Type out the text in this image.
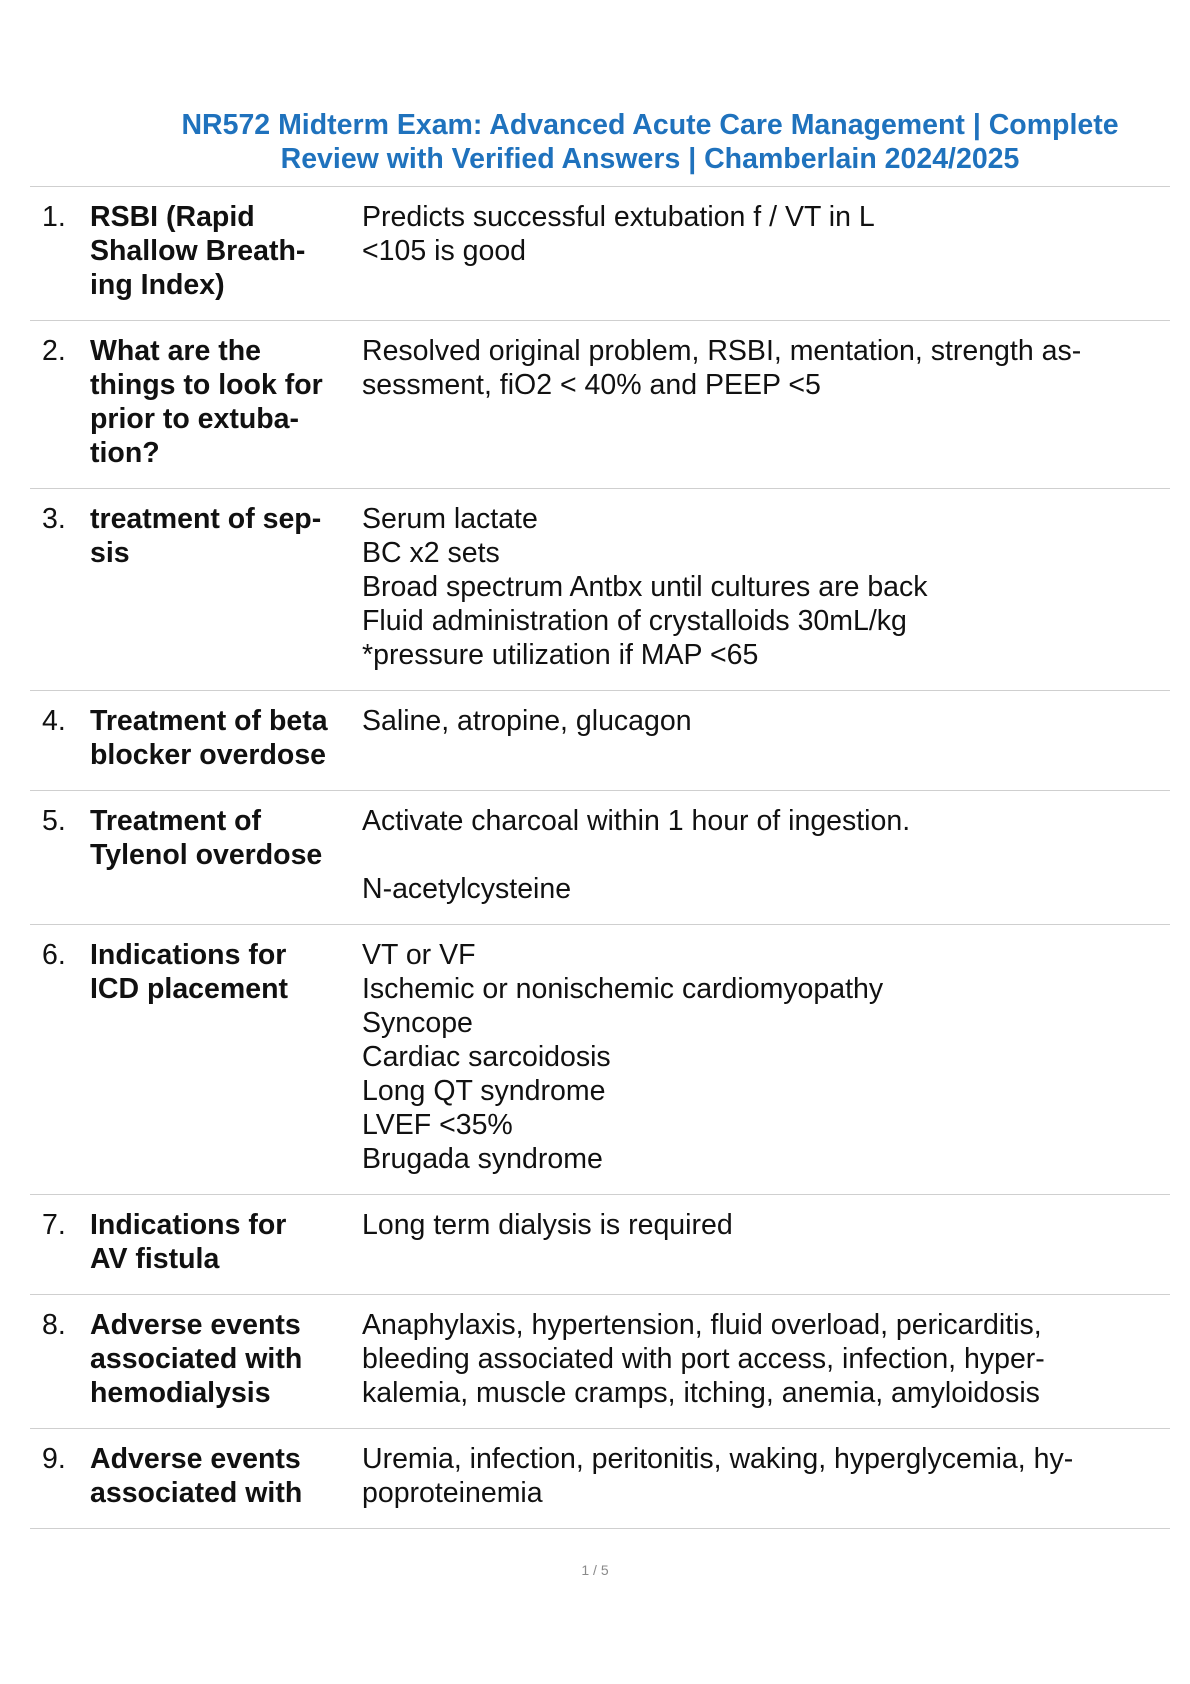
NR572 Midterm Exam: Advanced Acute Care Management | Complete
Review with Verified Answers | Chamberlain 2024/2025
1. RSBI (Rapid
Shallow Breath-
ing Index)
Predicts successful extubation f / VT in L
<105 is good
2. What are the
things to look for
prior to extuba-
tion?
Resolved original problem, RSBI, mentation, strength as-
sessment, fiO2 < 40% and PEEP <5
3. treatment of sep-
sis
Serum lactate
BC x2 sets
Broad spectrum Antbx until cultures are back
Fluid administration of crystalloids 30mL/kg
*pressure utilization if MAP <65
4. Treatment of beta
blocker overdose
Saline, atropine, glucagon
5. Treatment of
Tylenol overdose
Activate charcoal within 1 hour of ingestion.
N-acetylcysteine
6. Indications for
ICD placement
VT or VF
Ischemic or nonischemic cardiomyopathy
Syncope
Cardiac sarcoidosis
Long QT syndrome
LVEF <35%
Brugada syndrome
7. Indications for
AV fistula
Long term dialysis is required
8. Adverse events
associated with
hemodialysis
Anaphylaxis, hypertension, fluid overload, pericarditis,
bleeding associated with port access, infection, hyper-
kalemia, muscle cramps, itching, anemia, amyloidosis
9. Adverse events
associated with
Uremia, infection, peritonitis, waking, hyperglycemia, hy-
poproteinemia
1 / 5
